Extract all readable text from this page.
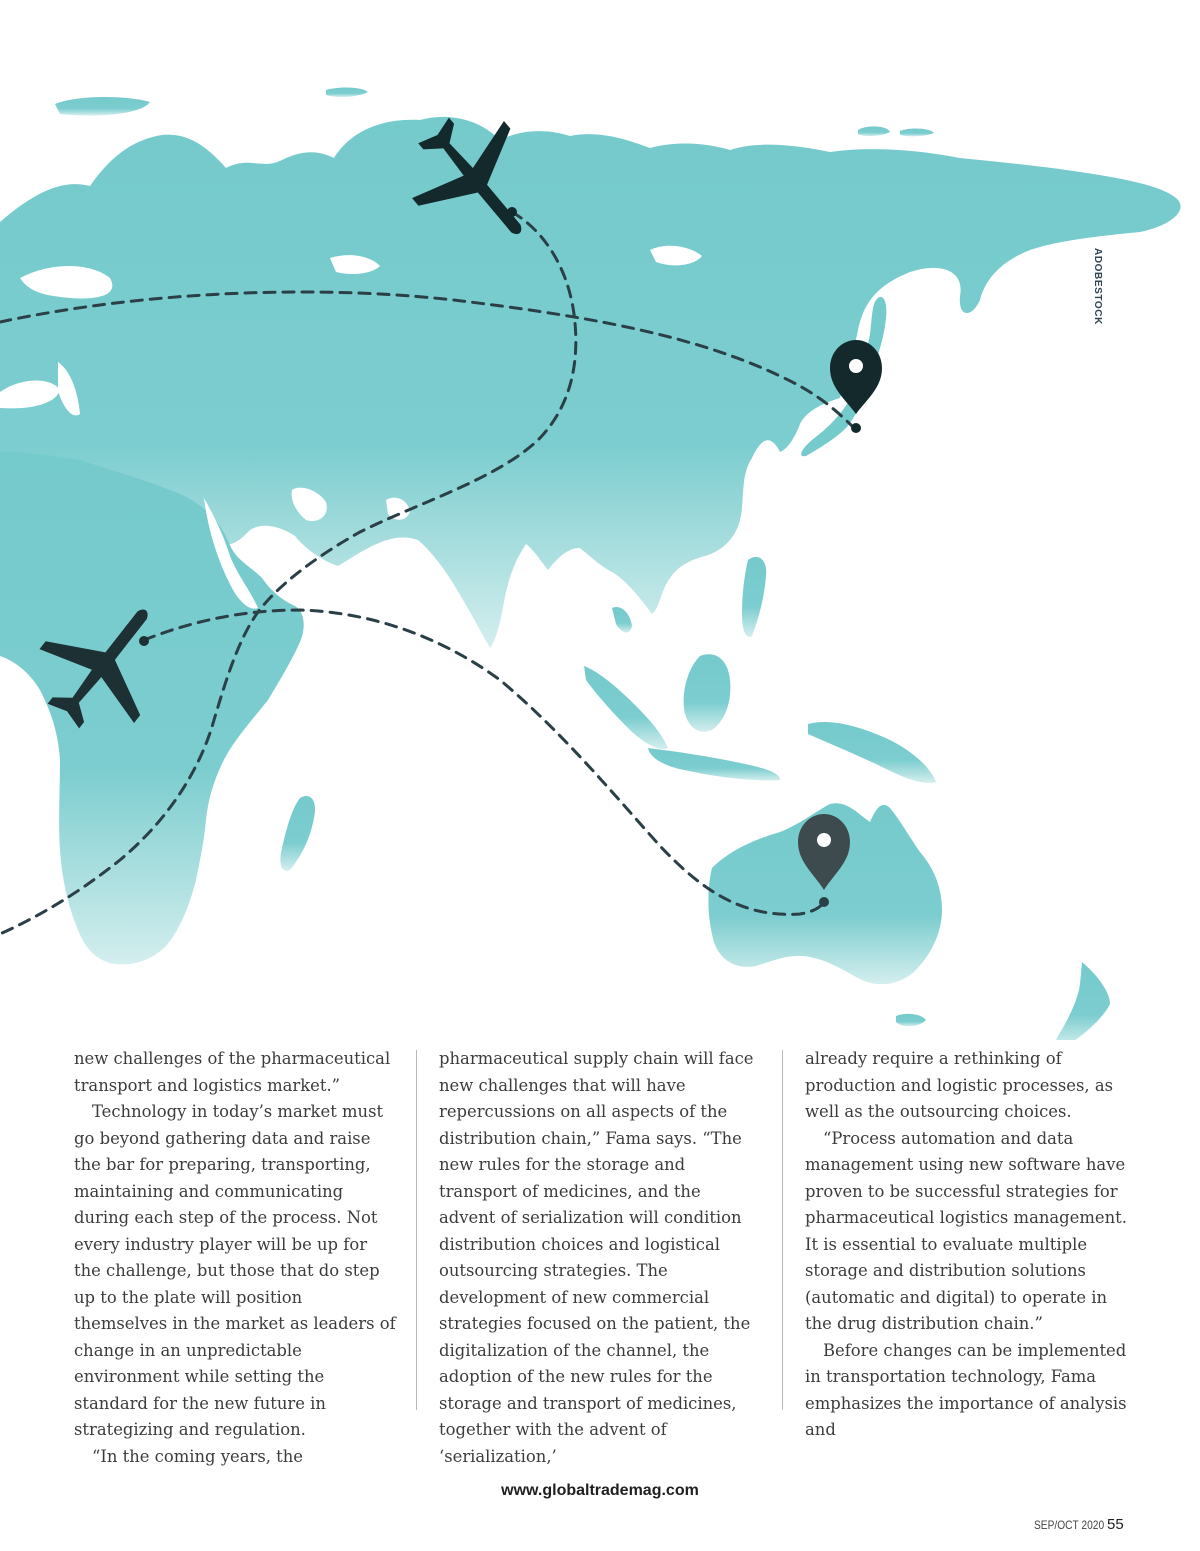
ADOBESTOCK

new challenges of the pharmaceutical transport and logistics market.”

Technology in today’s market must go beyond gathering data and raise the bar for preparing, transporting, maintaining and communicating during each step of the process. Not every industry player will be up for the challenge, but those that do step up to the plate will position themselves in the market as leaders of change in an unpredictable environment while setting the standard for the new future in strategizing and regulation.

“In the coming years, the

pharmaceutical supply chain will face new challenges that will have repercussions on all aspects of the distribution chain,” Fama says. “The new rules for the storage and transport of medicines, and the advent of serialization will condition distribution choices and logistical outsourcing strategies. The development of new commercial strategies focused on the patient, the digitalization of the channel, the adoption of the new rules for the storage and transport of medicines, together with the advent of ‘serialization,’

already require a rethinking of production and logistic processes, as well as the outsourcing choices.

“Process automation and data management using new software have proven to be successful strategies for pharmaceutical logistics management. It is essential to evaluate multiple storage and distribution solutions (automatic and digital) to operate in the drug distribution chain.”

Before changes can be implemented in transportation technology, Fama emphasizes the importance of analysis and

www.globaltrademag.com
SEP/OCT 2020 55
